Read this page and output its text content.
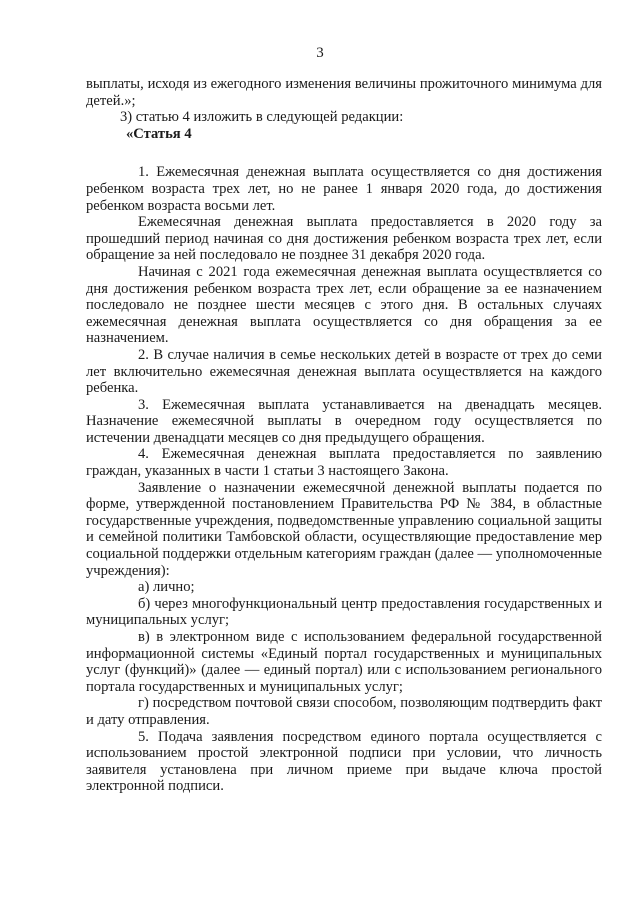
3

выплаты, исходя из ежегодного изменения величины прожиточного минимума для детей.»;

3) статью 4 изложить в следующей редакции:

«Статья 4

1. Ежемесячная денежная выплата осуществляется со дня достижения ребенком возраста трех лет, но не ранее 1 января 2020 года, до достижения ребенком возраста восьми лет.

Ежемесячная денежная выплата предоставляется в 2020 году за прошедший период начиная со дня достижения ребенком возраста трех лет, если обращение за ней последовало не позднее 31 декабря 2020 года.

Начиная с 2021 года ежемесячная денежная выплата осуществляется со дня достижения ребенком возраста трех лет, если обращение за ее назначением последовало не позднее шести месяцев с этого дня. В остальных случаях ежемесячная денежная выплата осуществляется со дня обращения за ее назначением.

2. В случае наличия в семье нескольких детей в возрасте от трех до семи лет включительно ежемесячная денежная выплата осуществляется на каждого ребенка.

3. Ежемесячная выплата устанавливается на двенадцать месяцев. Назначение ежемесячной выплаты в очередном году осуществляется по истечении двенадцати месяцев со дня предыдущего обращения.

4. Ежемесячная денежная выплата предоставляется по заявлению граждан, указанных в части 1 статьи 3 настоящего Закона.

Заявление о назначении ежемесячной денежной выплаты подается по форме, утвержденной постановлением Правительства РФ № 384, в областные государственные учреждения, подведомственные управлению социальной защиты и семейной политики Тамбовской области, осуществляющие предоставление мер социальной поддержки отдельным категориям граждан (далее — уполномоченные учреждения):

а) лично;

б) через многофункциональный центр предоставления государственных и муниципальных услуг;

в) в электронном виде с использованием федеральной государственной информационной системы «Единый портал государственных и муниципальных услуг (функций)» (далее — единый портал) или с использованием регионального портала государственных и муниципальных услуг;

г) посредством почтовой связи способом, позволяющим подтвердить факт и дату отправления.

5. Подача заявления посредством единого портала осуществляется с использованием простой электронной подписи при условии, что личность заявителя установлена при личном приеме при выдаче ключа простой электронной подписи.
